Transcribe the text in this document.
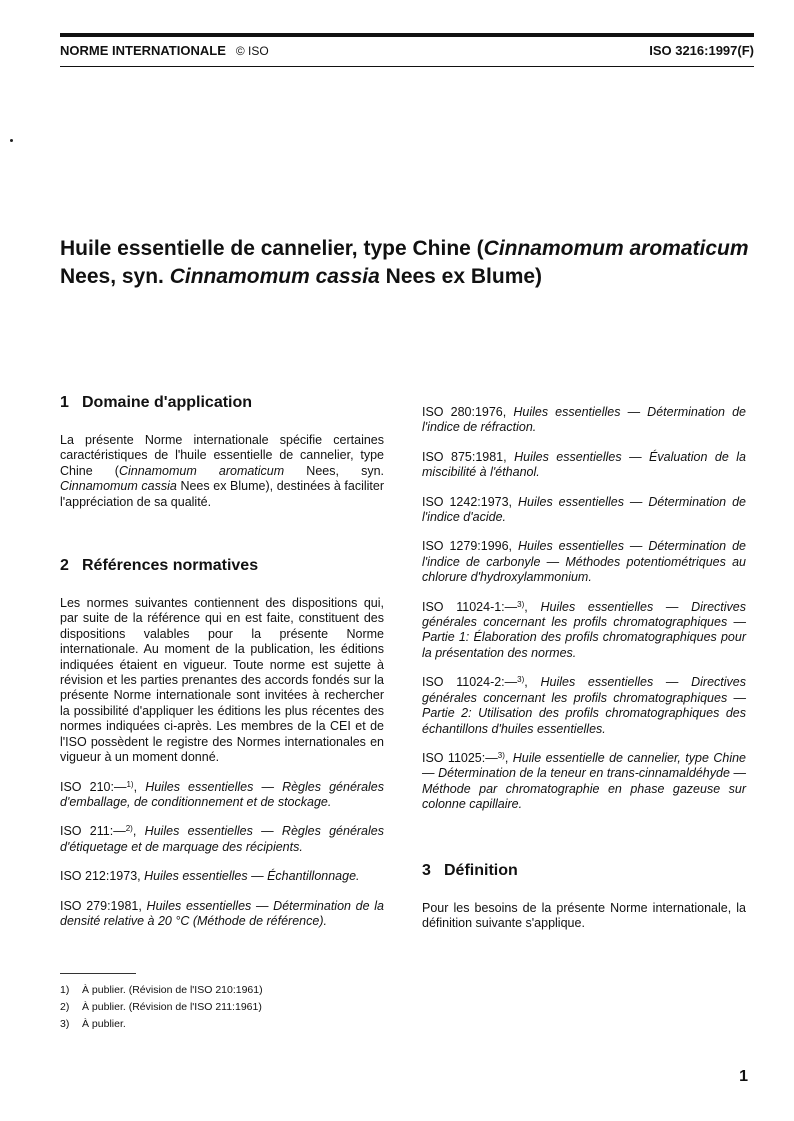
NORME INTERNATIONALE © ISO	ISO 3216:1997(F)
Huile essentielle de cannelier, type Chine (Cinnamomum aromaticum Nees, syn. Cinnamomum cassia Nees ex Blume)
1 Domaine d'application

La présente Norme internationale spécifie certaines caractéristiques de l'huile essentielle de cannelier, type Chine (Cinnamomum aromaticum Nees, syn. Cinnamomum cassia Nees ex Blume), destinées à faciliter l'appréciation de sa qualité.

2 Références normatives

Les normes suivantes contiennent des dispositions qui, par suite de la référence qui en est faite, constituent des dispositions valables pour la présente Norme internationale. Au moment de la publication, les éditions indiquées étaient en vigueur. Toute norme est sujette à révision et les parties prenantes des accords fondés sur la présente Norme internationale sont invitées à rechercher la possibilité d'appliquer les éditions les plus récentes des normes indiquées ci-après. Les membres de la CEI et de l'ISO possèdent le registre des Normes internationales en vigueur à un moment donné.

ISO 210:—$^{1)}$, Huiles essentielles — Règles générales d'emballage, de conditionnement et de stockage.

ISO 211:—$^{2)}$, Huiles essentielles — Règles générales d'étiquetage et de marquage des récipients.

ISO 212:1973, Huiles essentielles — Échantillonnage.

ISO 279:1981, Huiles essentielles — Détermination de la densité relative à 20 °C (Méthode de référence).

ISO 280:1976, Huiles essentielles — Détermination de l'indice de réfraction.

ISO 875:1981, Huiles essentielles — Évaluation de la miscibilité à l'éthanol.

ISO 1242:1973, Huiles essentielles — Détermination de l'indice d'acide.

ISO 1279:1996, Huiles essentielles — Détermination de l'indice de carbonyle — Méthodes potentiométriques au chlorure d'hydroxylammonium.

ISO 11024-1:—$^{3)}$, Huiles essentielles — Directives générales concernant les profils chromatographiques — Partie 1: Élaboration des profils chromatographiques pour la présentation des normes.

ISO 11024-2:—$^{3)}$, Huiles essentielles — Directives générales concernant les profils chromatographiques — Partie 2: Utilisation des profils chromatographiques des échantillons d'huiles essentielles.

ISO 11025:—$^{3)}$, Huile essentielle de cannelier, type Chine — Détermination de la teneur en trans-cinnamaldéhyde — Méthode par chromatographie en phase gazeuse sur colonne capillaire.

3 Définition

Pour les besoins de la présente Norme internationale, la définition suivante s'applique.

1) À publier. (Révision de l'ISO 210:1961)
2) À publier. (Révision de l'ISO 211:1961)
3) À publier.
1
